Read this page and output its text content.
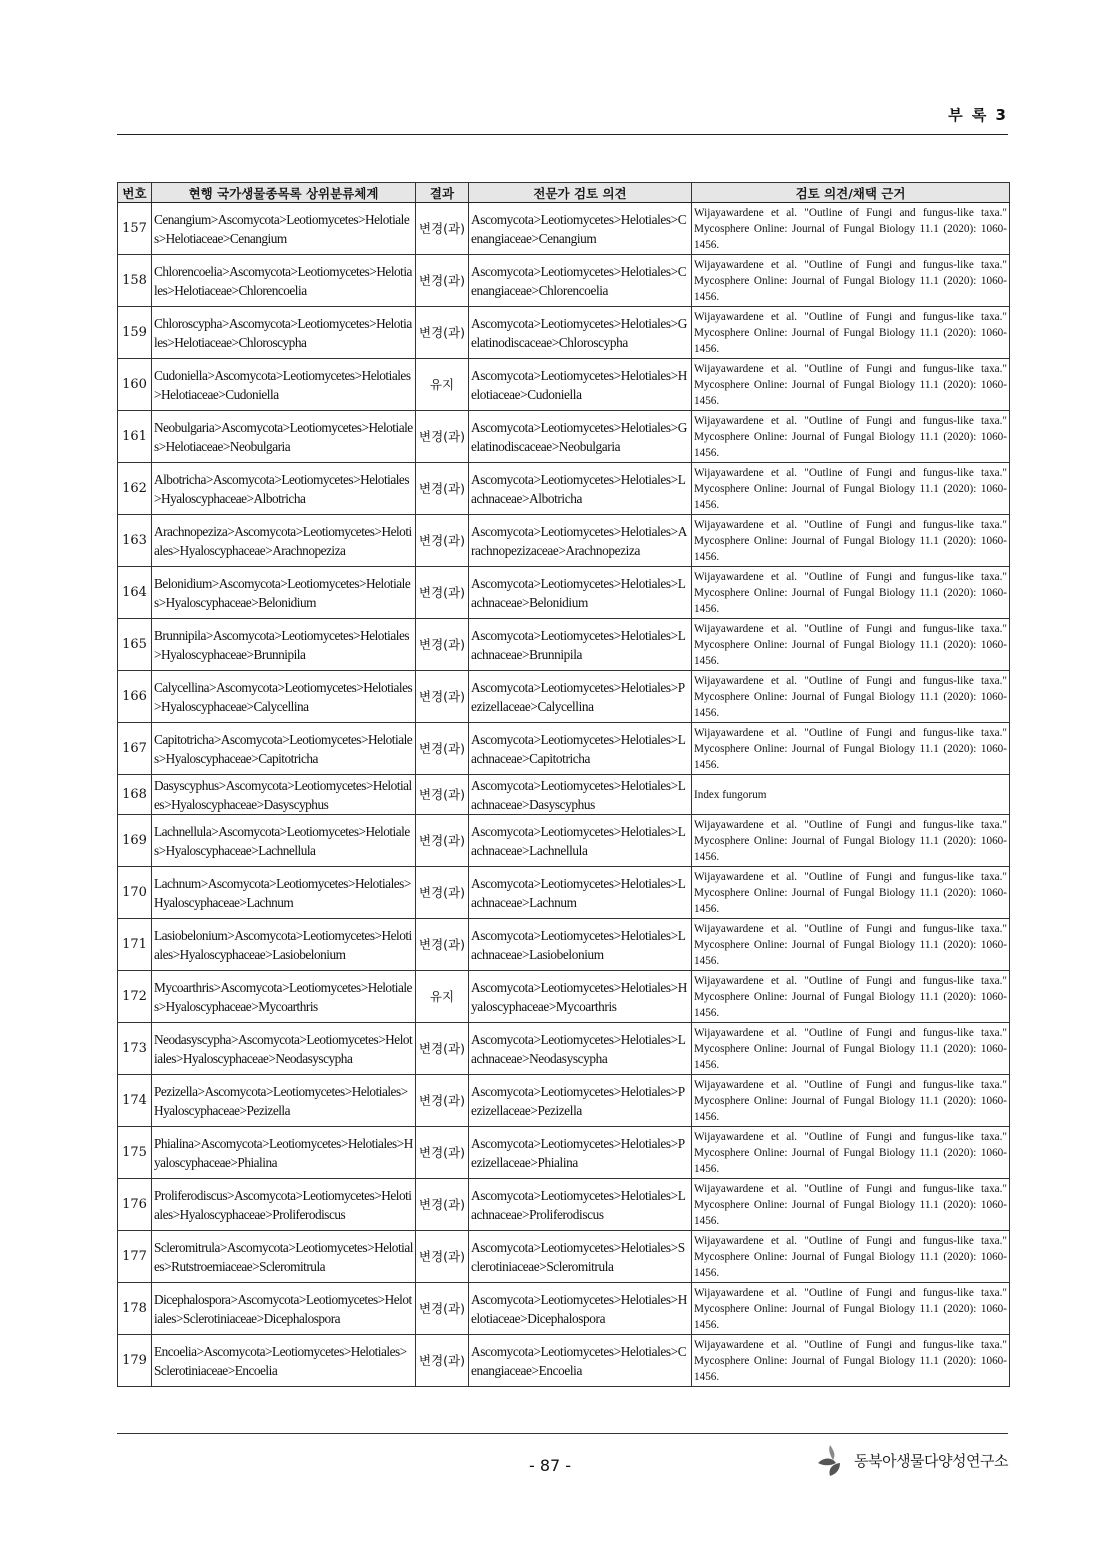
부 록 3
번호	현행 국가생물종목록 상위분류체계	결과	전문가 검토 의견	검토 의견/채택 근거
157	Cenangium>Ascomycota>Leotiomycetes>Helotiales>Helotiaceae>Cenangium	변경(과)	Ascomycota>Leotiomycetes>Helotiales>Cenangiaceae>Cenangium	Wijayawardene et al. "Outline of Fungi and fungus-like taxa." Mycosphere Online: Journal of Fungal Biology 11.1 (2020): 1060-1456.
158	Chlorencoelia>Ascomycota>Leotiomycetes>Helotiales>Helotiaceae>Chlorencoelia	변경(과)	Ascomycota>Leotiomycetes>Helotiales>Cenangiaceae>Chlorencoelia	Wijayawardene et al. "Outline of Fungi and fungus-like taxa." Mycosphere Online: Journal of Fungal Biology 11.1 (2020): 1060-1456.
159	Chloroscypha>Ascomycota>Leotiomycetes>Helotiales>Helotiaceae>Chloroscypha	변경(과)	Ascomycota>Leotiomycetes>Helotiales>Gelatinodiscaceae>Chloroscypha	Wijayawardene et al. "Outline of Fungi and fungus-like taxa." Mycosphere Online: Journal of Fungal Biology 11.1 (2020): 1060-1456.
160	Cudoniella>Ascomycota>Leotiomycetes>Helotiales>Helotiaceae>Cudoniella	유지	Ascomycota>Leotiomycetes>Helotiales>Helotiaceae>Cudoniella	Wijayawardene et al. "Outline of Fungi and fungus-like taxa." Mycosphere Online: Journal of Fungal Biology 11.1 (2020): 1060-1456.
161	Neobulgaria>Ascomycota>Leotiomycetes>Helotiales>Helotiaceae>Neobulgaria	변경(과)	Ascomycota>Leotiomycetes>Helotiales>Gelatinodiscaceae>Neobulgaria	Wijayawardene et al. "Outline of Fungi and fungus-like taxa." Mycosphere Online: Journal of Fungal Biology 11.1 (2020): 1060-1456.
162	Albotricha>Ascomycota>Leotiomycetes>Helotiales>Hyaloscyphaceae>Albotricha	변경(과)	Ascomycota>Leotiomycetes>Helotiales>Lachnaceae>Albotricha	Wijayawardene et al. "Outline of Fungi and fungus-like taxa." Mycosphere Online: Journal of Fungal Biology 11.1 (2020): 1060-1456.
163	Arachnopeziza>Ascomycota>Leotiomycetes>Helotiales>Hyaloscyphaceae>Arachnopeziza	변경(과)	Ascomycota>Leotiomycetes>Helotiales>Arachnopezizaceae>Arachnopeziza	Wijayawardene et al. "Outline of Fungi and fungus-like taxa." Mycosphere Online: Journal of Fungal Biology 11.1 (2020): 1060-1456.
164	Belonidium>Ascomycota>Leotiomycetes>Helotiales>Hyaloscyphaceae>Belonidium	변경(과)	Ascomycota>Leotiomycetes>Helotiales>Lachnaceae>Belonidium	Wijayawardene et al. "Outline of Fungi and fungus-like taxa." Mycosphere Online: Journal of Fungal Biology 11.1 (2020): 1060-1456.
165	Brunnipila>Ascomycota>Leotiomycetes>Helotiales>Hyaloscyphaceae>Brunnipila	변경(과)	Ascomycota>Leotiomycetes>Helotiales>Lachnaceae>Brunnipila	Wijayawardene et al. "Outline of Fungi and fungus-like taxa." Mycosphere Online: Journal of Fungal Biology 11.1 (2020): 1060-1456.
166	Calycellina>Ascomycota>Leotiomycetes>Helotiales>Hyaloscyphaceae>Calycellina	변경(과)	Ascomycota>Leotiomycetes>Helotiales>Pezizellaceae>Calycellina	Wijayawardene et al. "Outline of Fungi and fungus-like taxa." Mycosphere Online: Journal of Fungal Biology 11.1 (2020): 1060-1456.
167	Capitotricha>Ascomycota>Leotiomycetes>Helotiales>Hyaloscyphaceae>Capitotricha	변경(과)	Ascomycota>Leotiomycetes>Helotiales>Lachnaceae>Capitotricha	Wijayawardene et al. "Outline of Fungi and fungus-like taxa." Mycosphere Online: Journal of Fungal Biology 11.1 (2020): 1060-1456.
168	Dasyscyphus>Ascomycota>Leotiomycetes>Helotiales>Hyaloscyphaceae>Dasyscyphus	변경(과)	Ascomycota>Leotiomycetes>Helotiales>Lachnaceae>Dasyscyphus	Index fungorum
169	Lachnellula>Ascomycota>Leotiomycetes>Helotiales>Hyaloscyphaceae>Lachnellula	변경(과)	Ascomycota>Leotiomycetes>Helotiales>Lachnaceae>Lachnellula	Wijayawardene et al. "Outline of Fungi and fungus-like taxa." Mycosphere Online: Journal of Fungal Biology 11.1 (2020): 1060-1456.
170	Lachnum>Ascomycota>Leotiomycetes>Helotiales>Hyaloscyphaceae>Lachnum	변경(과)	Ascomycota>Leotiomycetes>Helotiales>Lachnaceae>Lachnum	Wijayawardene et al. "Outline of Fungi and fungus-like taxa." Mycosphere Online: Journal of Fungal Biology 11.1 (2020): 1060-1456.
171	Lasiobelonium>Ascomycota>Leotiomycetes>Helotiales>Hyaloscyphaceae>Lasiobelonium	변경(과)	Ascomycota>Leotiomycetes>Helotiales>Lachnaceae>Lasiobelonium	Wijayawardene et al. "Outline of Fungi and fungus-like taxa." Mycosphere Online: Journal of Fungal Biology 11.1 (2020): 1060-1456.
172	Mycoarthris>Ascomycota>Leotiomycetes>Helotiales>Hyaloscyphaceae>Mycoarthris	유지	Ascomycota>Leotiomycetes>Helotiales>Hyaloscyphaceae>Mycoarthris	Wijayawardene et al. "Outline of Fungi and fungus-like taxa." Mycosphere Online: Journal of Fungal Biology 11.1 (2020): 1060-1456.
173	Neodasyscypha>Ascomycota>Leotiomycetes>Helotiales>Hyaloscyphaceae>Neodasyscypha	변경(과)	Ascomycota>Leotiomycetes>Helotiales>Lachnaceae>Neodasyscypha	Wijayawardene et al. "Outline of Fungi and fungus-like taxa." Mycosphere Online: Journal of Fungal Biology 11.1 (2020): 1060-1456.
174	Pezizella>Ascomycota>Leotiomycetes>Helotiales>Hyaloscyphaceae>Pezizella	변경(과)	Ascomycota>Leotiomycetes>Helotiales>Pezizellaceae>Pezizella	Wijayawardene et al. "Outline of Fungi and fungus-like taxa." Mycosphere Online: Journal of Fungal Biology 11.1 (2020): 1060-1456.
175	Phialina>Ascomycota>Leotiomycetes>Helotiales>Hyaloscyphaceae>Phialina	변경(과)	Ascomycota>Leotiomycetes>Helotiales>Pezizellaceae>Phialina	Wijayawardene et al. "Outline of Fungi and fungus-like taxa." Mycosphere Online: Journal of Fungal Biology 11.1 (2020): 1060-1456.
176	Proliferodiscus>Ascomycota>Leotiomycetes>Helotiales>Hyaloscyphaceae>Proliferodiscus	변경(과)	Ascomycota>Leotiomycetes>Helotiales>Lachnaceae>Proliferodiscus	Wijayawardene et al. "Outline of Fungi and fungus-like taxa." Mycosphere Online: Journal of Fungal Biology 11.1 (2020): 1060-1456.
177	Scleromitrula>Ascomycota>Leotiomycetes>Helotiales>Rutstroemiaceae>Scleromitrula	변경(과)	Ascomycota>Leotiomycetes>Helotiales>Sclerotiniaceae>Scleromitrula	Wijayawardene et al. "Outline of Fungi and fungus-like taxa." Mycosphere Online: Journal of Fungal Biology 11.1 (2020): 1060-1456.
178	Dicephalospora>Ascomycota>Leotiomycetes>Helotiales>Sclerotiniaceae>Dicephalospora	변경(과)	Ascomycota>Leotiomycetes>Helotiales>Helotiaceae>Dicephalospora	Wijayawardene et al. "Outline of Fungi and fungus-like taxa." Mycosphere Online: Journal of Fungal Biology 11.1 (2020): 1060-1456.
179	Encoelia>Ascomycota>Leotiomycetes>Helotiales>Sclerotiniaceae>Encoelia	변경(과)	Ascomycota>Leotiomycetes>Helotiales>Cenangiaceae>Encoelia	Wijayawardene et al. "Outline of Fungi and fungus-like taxa." Mycosphere Online: Journal of Fungal Biology 11.1 (2020): 1060-1456.
- 87 -	동북아생물다양성연구소
